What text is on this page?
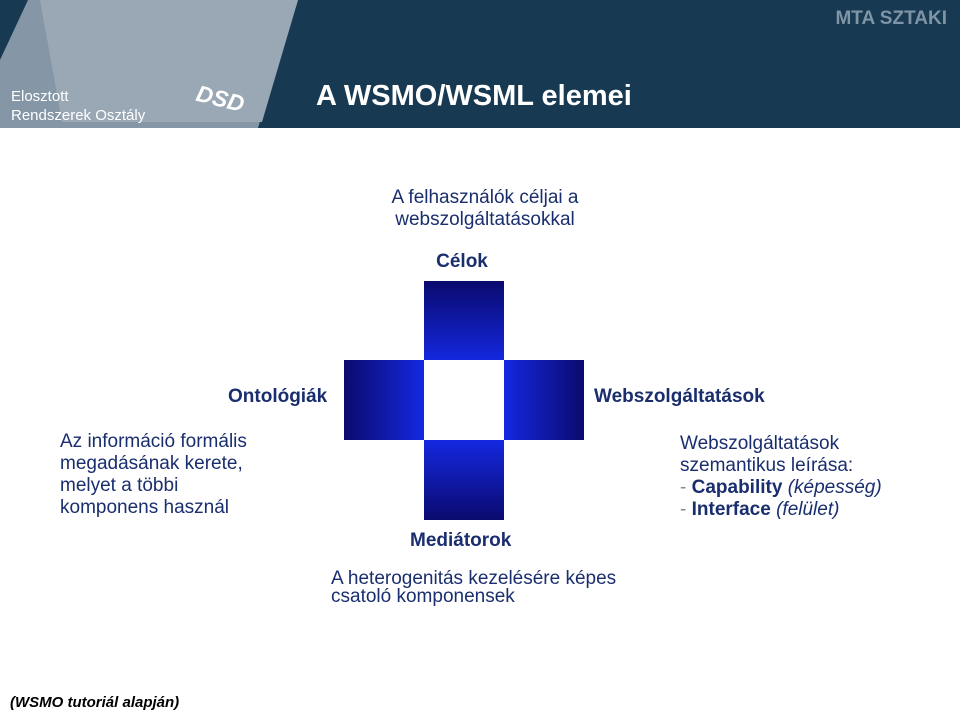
Elosztott
Rendszerek Osztály DSD A WSMO/WSML elemei
MTA SZTAKI
A felhasználók céljai a
webszolgáltatásokkal
Célok
Ontológiák
Az információ formális
megadásának kerete,
melyet a többi
komponens használ
Webszolgáltatások
Webszolgáltatások
szemantikus leírása:
- Capability (képesség)
- Interface (felület)
Mediátorok
A heterogenitás kezelésére képes
csatoló komponensek
(WSMO tutoriál alapján)
